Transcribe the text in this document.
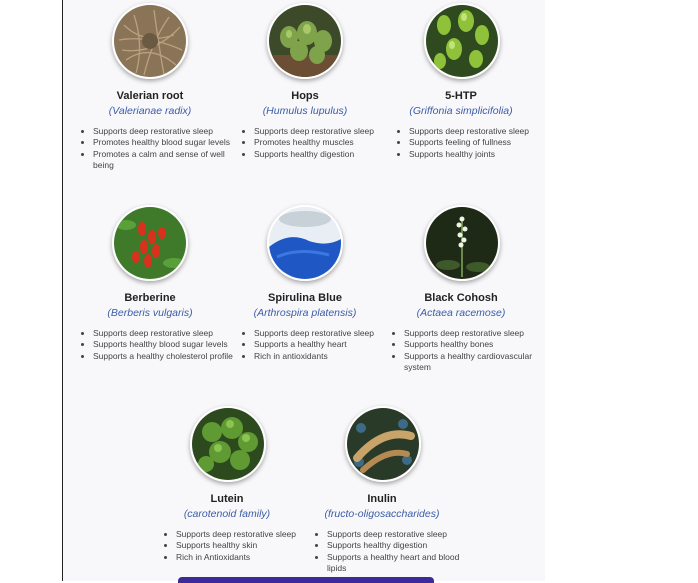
Valerian root
(Valerianae radix)
• Supports deep restorative sleep
• Promotes healthy blood sugar levels
• Promotes a calm and sense of well being
Hops
(Humulus lupulus)
• Supports deep restorative sleep
• Promotes healthy muscles
• Supports healthy digestion
5-HTP
(Griffonia simplicifolia)
• Supports deep restorative sleep
• Supports feeling of fullness
• Supports healthy joints
Berberine
(Berberis vulgaris)
• Supports deep restorative sleep
• Supports healthy blood sugar levels
• Supports a healthy cholesterol profile
Spirulina Blue
(Arthrospira platensis)
• Supports deep restorative sleep
• Supports a healthy heart
• Rich in antioxidants
Black Cohosh
(Actaea racemose)
• Supports deep restorative sleep
• Supports healthy bones
• Supports a healthy cardiovascular system
Lutein
(carotenoid family)
• Supports deep restorative sleep
• Supports healthy skin
• Rich in Antioxidants
Inulin
(fructo-oligosaccharides)
• Supports deep restorative sleep
• Supports healthy digestion
• Supports a healthy heart and blood lipids
